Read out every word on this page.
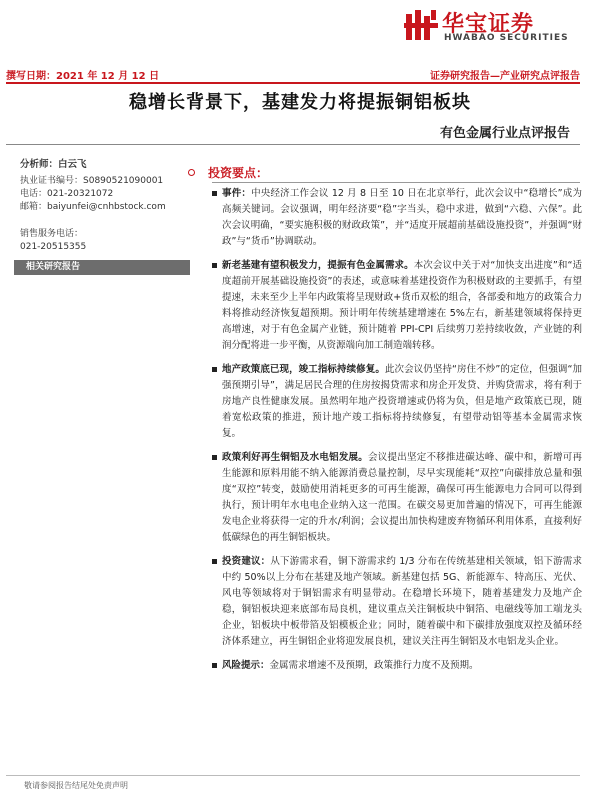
华宝证券
HWABAO SECURITIES
撰写日期：2021 年 12 月 12 日	证券研究报告—产业研究点评报告
稳增长背景下，基建发力将提振铜铝板块
有色金属行业点评报告
分析师：白云飞
执业证书编号：S0890521090001
电话：021-20321072
邮箱：baiyunfei@cnhbstock.com
销售服务电话：
021-20515355
相关研究报告
投资要点：
事件：中央经济工作会议 12 月 8 日至 10 日在北京举行，此次会议中“稳增长”成为高频关键词。会议强调，明年经济要“稳”字当头，稳中求进，做到“六稳、六保”。此次会议明确，“要实施积极的财政政策”，并“适度开展超前基础设施投资”，并强调“财政”与“货币”协调联动。
新老基建有望积极发力，提振有色金属需求。本次会议中关于对“加快支出进度”和“适度超前开展基础设施投资”的表述，或意味着基建投资作为积极财政的主要抓手，有望提速，未来至少上半年内政策将呈现财政+货币双松的组合，各部委和地方的政策合力料将推动经济恢复超预期。预计明年传统基建增速在 5%左右，新基建领域将保持更高增速，对于有色金属产业链，预计随着 PPI-CPI 后续剪刀差持续收敛，产业链的利润分配将进一步平衡，从资源端向加工制造端转移。
地产政策底已现，竣工指标持续修复。此次会议仍坚持“房住不炒”的定位，但强调“加强预期引导”，满足居民合理的住房按揭贷需求和房企开发贷、并购贷需求，将有利于房地产良性健康发展。虽然明年地产投资增速或仍将为负，但是地产政策底已现，随着宽松政策的推进，预计地产竣工指标将持续修复，有望带动铝等基本金属需求恢复。
政策利好再生铜铝及水电铝发展。会议提出坚定不移推进碳达峰、碳中和，新增可再生能源和原料用能不纳入能源消费总量控制，尽早实现能耗“双控”向碳排放总量和强度“双控”转变，鼓励使用消耗更多的可再生能源，确保可再生能源电力合同可以得到执行，预计明年水电电企业纳入这一范围。在碳交易更加普遍的情况下，可再生能源发电企业将获得一定的升水/利润；会议提出加快构建废弃物循环利用体系，直接利好低碳绿色的再生铜铝板块。
投资建议：从下游需求看，铜下游需求约 1/3 分布在传统基建相关领域，铝下游需求中约 50%以上分布在基建及地产领域。新基建包括 5G、新能源车、特高压、光伏、风电等领域将对于铜铝需求有明显带动。在稳增长环境下，随着基建发力及地产企稳，铜铝板块迎来底部布局良机，建议重点关注铜板块中铜箔、电磁线等加工端龙头企业，铝板块中板带箔及铝模板企业；同时，随着碳中和下碳排放强度双控及循环经济体系建立，再生铜铝企业将迎发展良机，建议关注再生铜铝及水电铝龙头企业。
风险提示：金属需求增速不及预期，政策推行力度不及预期。
敬请参阅报告结尾处免责声明
